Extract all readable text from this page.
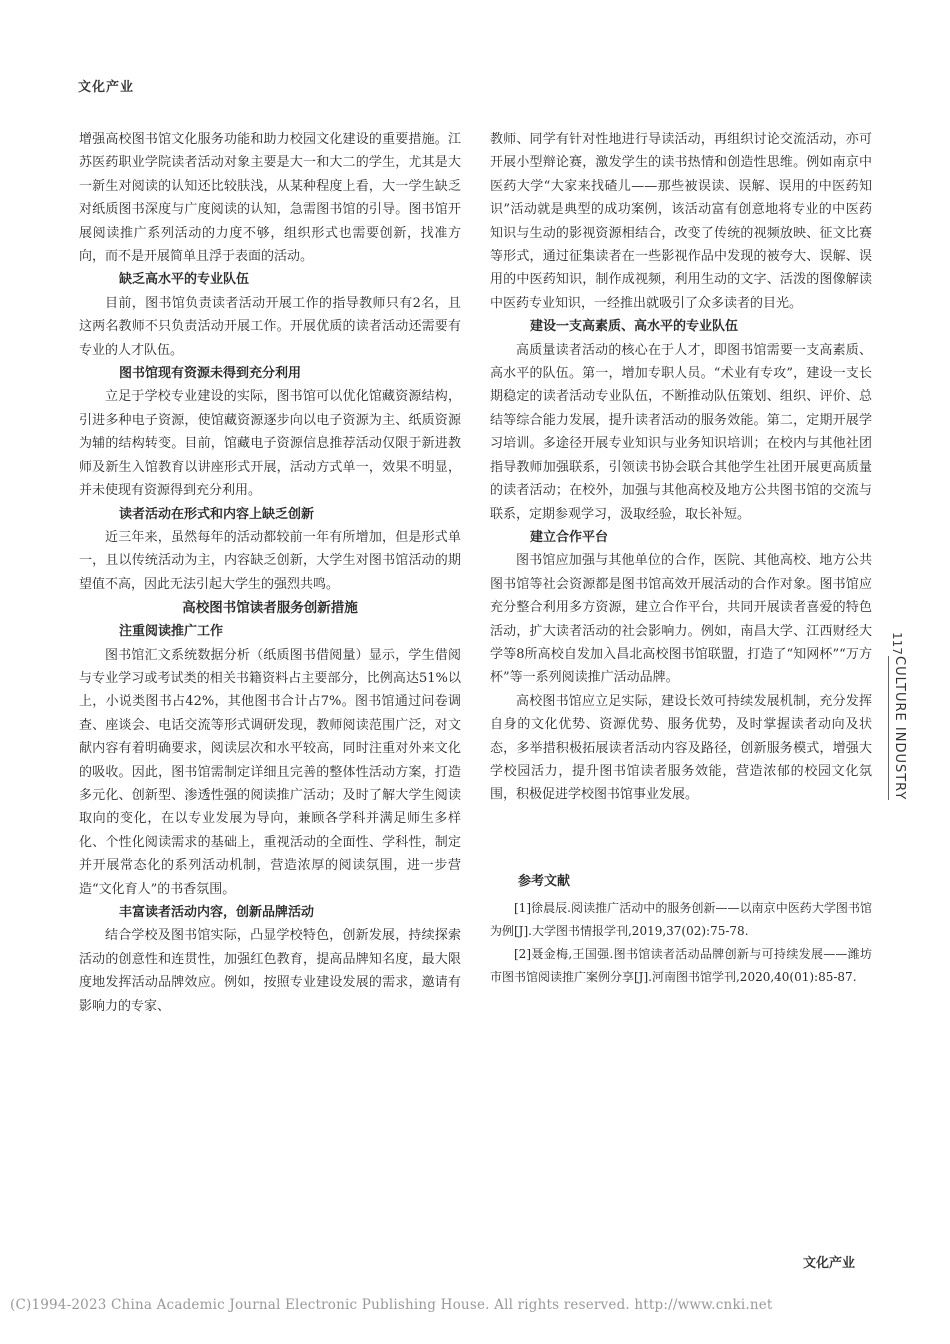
文化产业

增强高校图书馆文化服务功能和助力校园文化建设的重要措施。江苏医药职业学院读者活动对象主要是大一和大二的学生，尤其是大一新生对阅读的认知还比较肤浅，从某种程度上看，大一学生缺乏对纸质图书深度与广度阅读的认知，急需图书馆的引导。图书馆开展阅读推广系列活动的力度不够，组织形式也需要创新，找准方向，而不是开展简单且浮于表面的活动。

缺乏高水平的专业队伍

目前，图书馆负责读者活动开展工作的指导教师只有2名，且这两名教师不只负责活动开展工作。开展优质的读者活动还需要有专业的人才队伍。

图书馆现有资源未得到充分利用

立足于学校专业建设的实际，图书馆可以优化馆藏资源结构，引进多种电子资源，使馆藏资源逐步向以电子资源为主、纸质资源为辅的结构转变。目前，馆藏电子资源信息推荐活动仅限于新进教师及新生入馆教育以讲座形式开展，活动方式单一，效果不明显，并未使现有资源得到充分利用。

读者活动在形式和内容上缺乏创新

近三年来，虽然每年的活动都较前一年有所增加，但是形式单一，且以传统活动为主，内容缺乏创新，大学生对图书馆活动的期望值不高，因此无法引起大学生的强烈共鸣。

高校图书馆读者服务创新措施
注重阅读推广工作

图书馆汇文系统数据分析（纸质图书借阅量）显示，学生借阅与专业学习或考试类的相关书籍资料占主要部分，比例高达51%以上，小说类图书占42%，其他图书合计占7%。图书馆通过问卷调查、座谈会、电话交流等形式调研发现，教师阅读范围广泛，对文献内容有着明确要求，阅读层次和水平较高，同时注重对外来文化的吸收。因此，图书馆需制定详细且完善的整体性活动方案，打造多元化、创新型、渗透性强的阅读推广活动；及时了解大学生阅读取向的变化，在以专业发展为导向，兼顾各学科并满足师生多样化、个性化阅读需求的基础上，重视活动的全面性、学科性，制定并开展常态化的系列活动机制，营造浓厚的阅读氛围，进一步营造“文化育人”的书香氛围。

丰富读者活动内容，创新品牌活动

结合学校及图书馆实际，凸显学校特色，创新发展，持续探索活动的创意性和连贯性，加强红色教育，提高品牌知名度，最大限度地发挥活动品牌效应。例如，按照专业建设发展的需求，邀请有影响力的专家、

教师、同学有针对性地进行导读活动，再组织讨论交流活动，亦可开展小型辩论赛，激发学生的读书热情和创造性思维。例如南京中医药大学“大家来找碴儿——那些被误读、误解、误用的中医药知识”活动就是典型的成功案例，该活动富有创意地将专业的中医药知识与生动的影视资源相结合，改变了传统的视频放映、征文比赛等形式，通过征集读者在一些影视作品中发现的被夸大、误解、误用的中医药知识，制作成视频，利用生动的文字、活泼的图像解读中医药专业知识，一经推出就吸引了众多读者的目光。

建设一支高素质、高水平的专业队伍

高质量读者活动的核心在于人才，即图书馆需要一支高素质、高水平的队伍。第一，增加专职人员。“术业有专攻”，建设一支长期稳定的读者活动专业队伍，不断推动队伍策划、组织、评价、总结等综合能力发展，提升读者活动的服务效能。第二，定期开展学习培训。多途径开展专业知识与业务知识培训；在校内与其他社团指导教师加强联系，引领读书协会联合其他学生社团开展更高质量的读者活动；在校外，加强与其他高校及地方公共图书馆的交流与联系，定期参观学习，汲取经验，取长补短。

建立合作平台

图书馆应加强与其他单位的合作，医院、其他高校、地方公共图书馆等社会资源都是图书馆高效开展活动的合作对象。图书馆应充分整合利用多方资源，建立合作平台，共同开展读者喜爱的特色活动，扩大读者活动的社会影响力。例如，南昌大学、江西财经大学等8所高校自发加入昌北高校图书馆联盟，打造了“知网杯”“万方杯”等一系列阅读推广活动品牌。

高校图书馆应立足实际，建设长效可持续发展机制，充分发挥自身的文化优势、资源优势、服务优势，及时掌握读者动向及状态，多举措积极拓展读者活动内容及路径，创新服务模式，增强大学校园活力，提升图书馆读者服务效能，营造浓郁的校园文化氛围，积极促进学校图书馆事业发展。

参考文献

[1]徐晨辰.阅读推广活动中的服务创新——以南京中医药大学图书馆为例[J].大学图书情报学刊,2019,37(02):75-78.

[2]聂金梅,王国强.图书馆读者活动品牌创新与可持续发展——潍坊市图书馆阅读推广案例分享[J].河南图书馆学刊,2020,40(01):85-87.

117
CULTURE INDUSTRY
文化产业
(C)1994-2023 China Academic Journal Electronic Publishing House. All rights reserved. http://www.cnki.net
